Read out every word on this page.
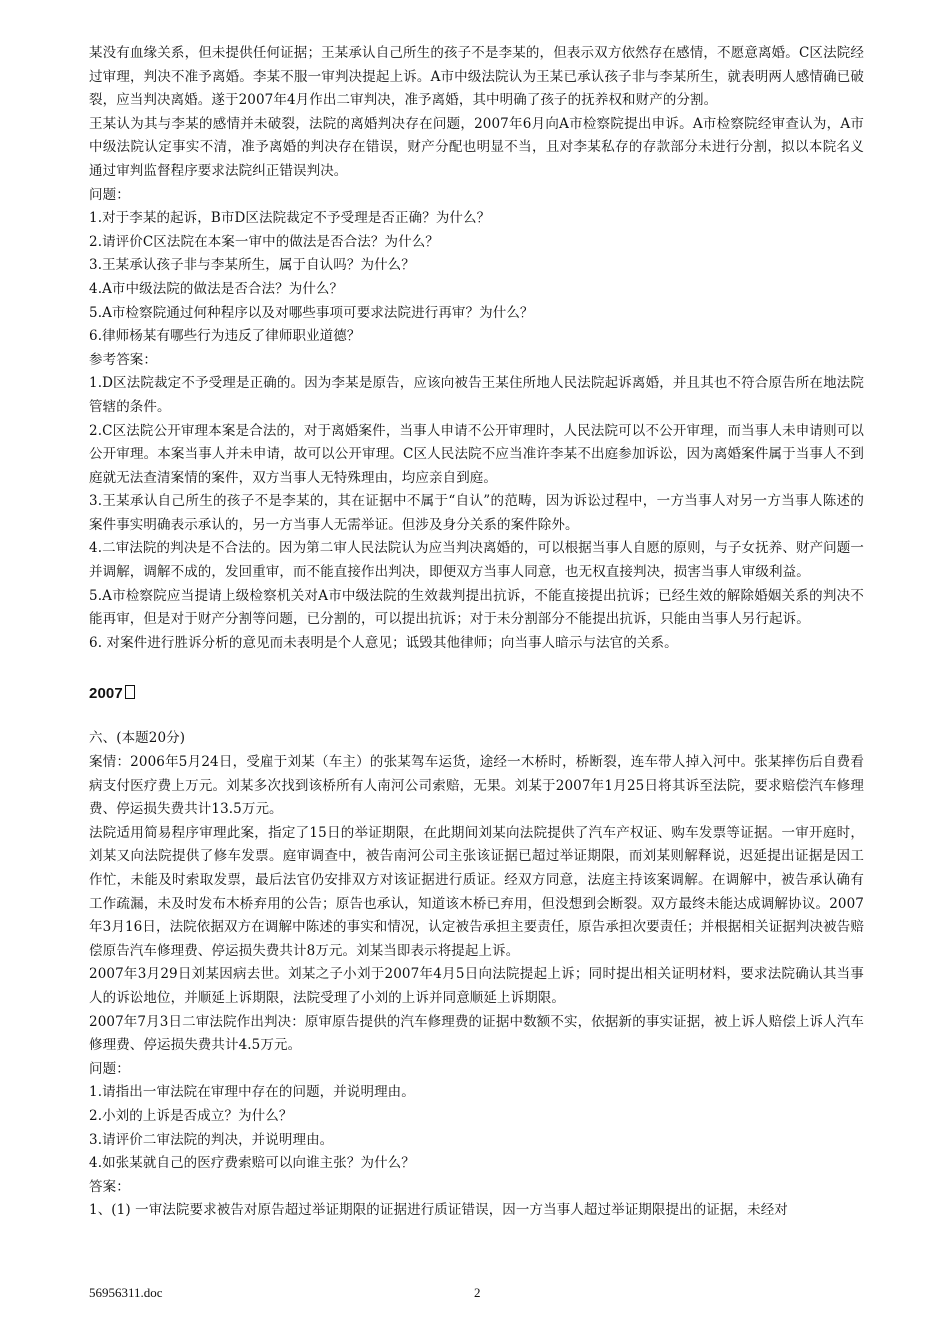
某没有血缘关系，但未提供任何证据；王某承认自己所生的孩子不是李某的，但表示双方依然存在感情，不愿意离婚。C区法院经过审理，判决不准予离婚。李某不服一审判决提起上诉。A市中级法院认为王某已承认孩子非与李某所生，就表明两人感情确已破裂，应当判决离婚。遂于2007年4月作出二审判决，准予离婚，其中明确了孩子的抚养权和财产的分割。

王某认为其与李某的感情并未破裂，法院的离婚判决存在问题，2007年6月向A市检察院提出申诉。A市检察院经审查认为，A市中级法院认定事实不清，准予离婚的判决存在错误，财产分配也明显不当，且对李某私存的存款部分未进行分割，拟以本院名义通过审判监督程序要求法院纠正错误判决。

问题：

1.对于李某的起诉，B市D区法院裁定不予受理是否正确？为什么？

2.请评价C区法院在本案一审中的做法是否合法？为什么？

3.王某承认孩子非与李某所生，属于自认吗？为什么？

4.A市中级法院的做法是否合法？为什么？

5.A市检察院通过何种程序以及对哪些事项可要求法院进行再审？为什么？

6.律师杨某有哪些行为违反了律师职业道德？

参考答案：

1.D区法院裁定不予受理是正确的。因为李某是原告，应该向被告王某住所地人民法院起诉离婚，并且其也不符合原告所在地法院管辖的条件。

2.C区法院公开审理本案是合法的，对于离婚案件，当事人申请不公开审理时，人民法院可以不公开审理，而当事人未申请则可以公开审理。本案当事人并未申请，故可以公开审理。C区人民法院不应当准许李某不出庭参加诉讼，因为离婚案件属于当事人不到庭就无法查清案情的案件，双方当事人无特殊理由，均应亲自到庭。

3.王某承认自己所生的孩子不是李某的，其在证据中不属于“自认”的范畴，因为诉讼过程中，一方当事人对另一方当事人陈述的案件事实明确表示承认的，另一方当事人无需举证。但涉及身分关系的案件除外。

4.二审法院的判决是不合法的。因为第二审人民法院认为应当判决离婚的，可以根据当事人自愿的原则，与子女抚养、财产问题一并调解，调解不成的，发回重审，而不能直接作出判决，即便双方当事人同意，也无权直接判决，损害当事人审级利益。

5.A市检察院应当提请上级检察机关对A市中级法院的生效裁判提出抗诉，不能直接提出抗诉；已经生效的解除婚姻关系的判决不能再审，但是对于财产分割等问题，已分割的，可以提出抗诉；对于未分割部分不能提出抗诉，只能由当事人另行起诉。

6. 对案件进行胜诉分析的意见而未表明是个人意见；诋毁其他律师；向当事人暗示与法官的关系。

2007

六、(本题20分)

案情：2006年5月24日，受雇于刘某（车主）的张某驾车运货，途经一木桥时，桥断裂，连车带人掉入河中。张某摔伤后自费看病支付医疗费上万元。刘某多次找到该桥所有人南河公司索赔，无果。刘某于2007年1月25日将其诉至法院，要求赔偿汽车修理费、停运损失费共计13.5万元。

法院适用简易程序审理此案，指定了15日的举证期限，在此期间刘某向法院提供了汽车产权证、购车发票等证据。一审开庭时，刘某又向法院提供了修车发票。庭审调查中，被告南河公司主张该证据已超过举证期限，而刘某则解释说，迟延提出证据是因工作忙，未能及时索取发票，最后法官仍安排双方对该证据进行质证。经双方同意，法庭主持该案调解。在调解中，被告承认确有工作疏漏，未及时发布木桥弃用的公告；原告也承认，知道该木桥已弃用，但没想到会断裂。双方最终未能达成调解协议。2007年3月16日，法院依据双方在调解中陈述的事实和情况，认定被告承担主要责任，原告承担次要责任；并根据相关证据判决被告赔偿原告汽车修理费、停运损失费共计8万元。刘某当即表示将提起上诉。

2007年3月29日刘某因病去世。刘某之子小刘于2007年4月5日向法院提起上诉；同时提出相关证明材料，要求法院确认其当事人的诉讼地位，并顺延上诉期限，法院受理了小刘的上诉并同意顺延上诉期限。

2007年7月3日二审法院作出判决：原审原告提供的汽车修理费的证据中数额不实，依据新的事实证据，被上诉人赔偿上诉人汽车修理费、停运损失费共计4.5万元。

问题：

1.请指出一审法院在审理中存在的问题，并说明理由。

2.小刘的上诉是否成立？为什么？

3.请评价二审法院的判决，并说明理由。

4.如张某就自己的医疗费索赔可以向谁主张？为什么？

答案：

1、(1) 一审法院要求被告对原告超过举证期限的证据进行质证错误，因一方当事人超过举证期限提出的证据，未经对

56956311.doc	2
